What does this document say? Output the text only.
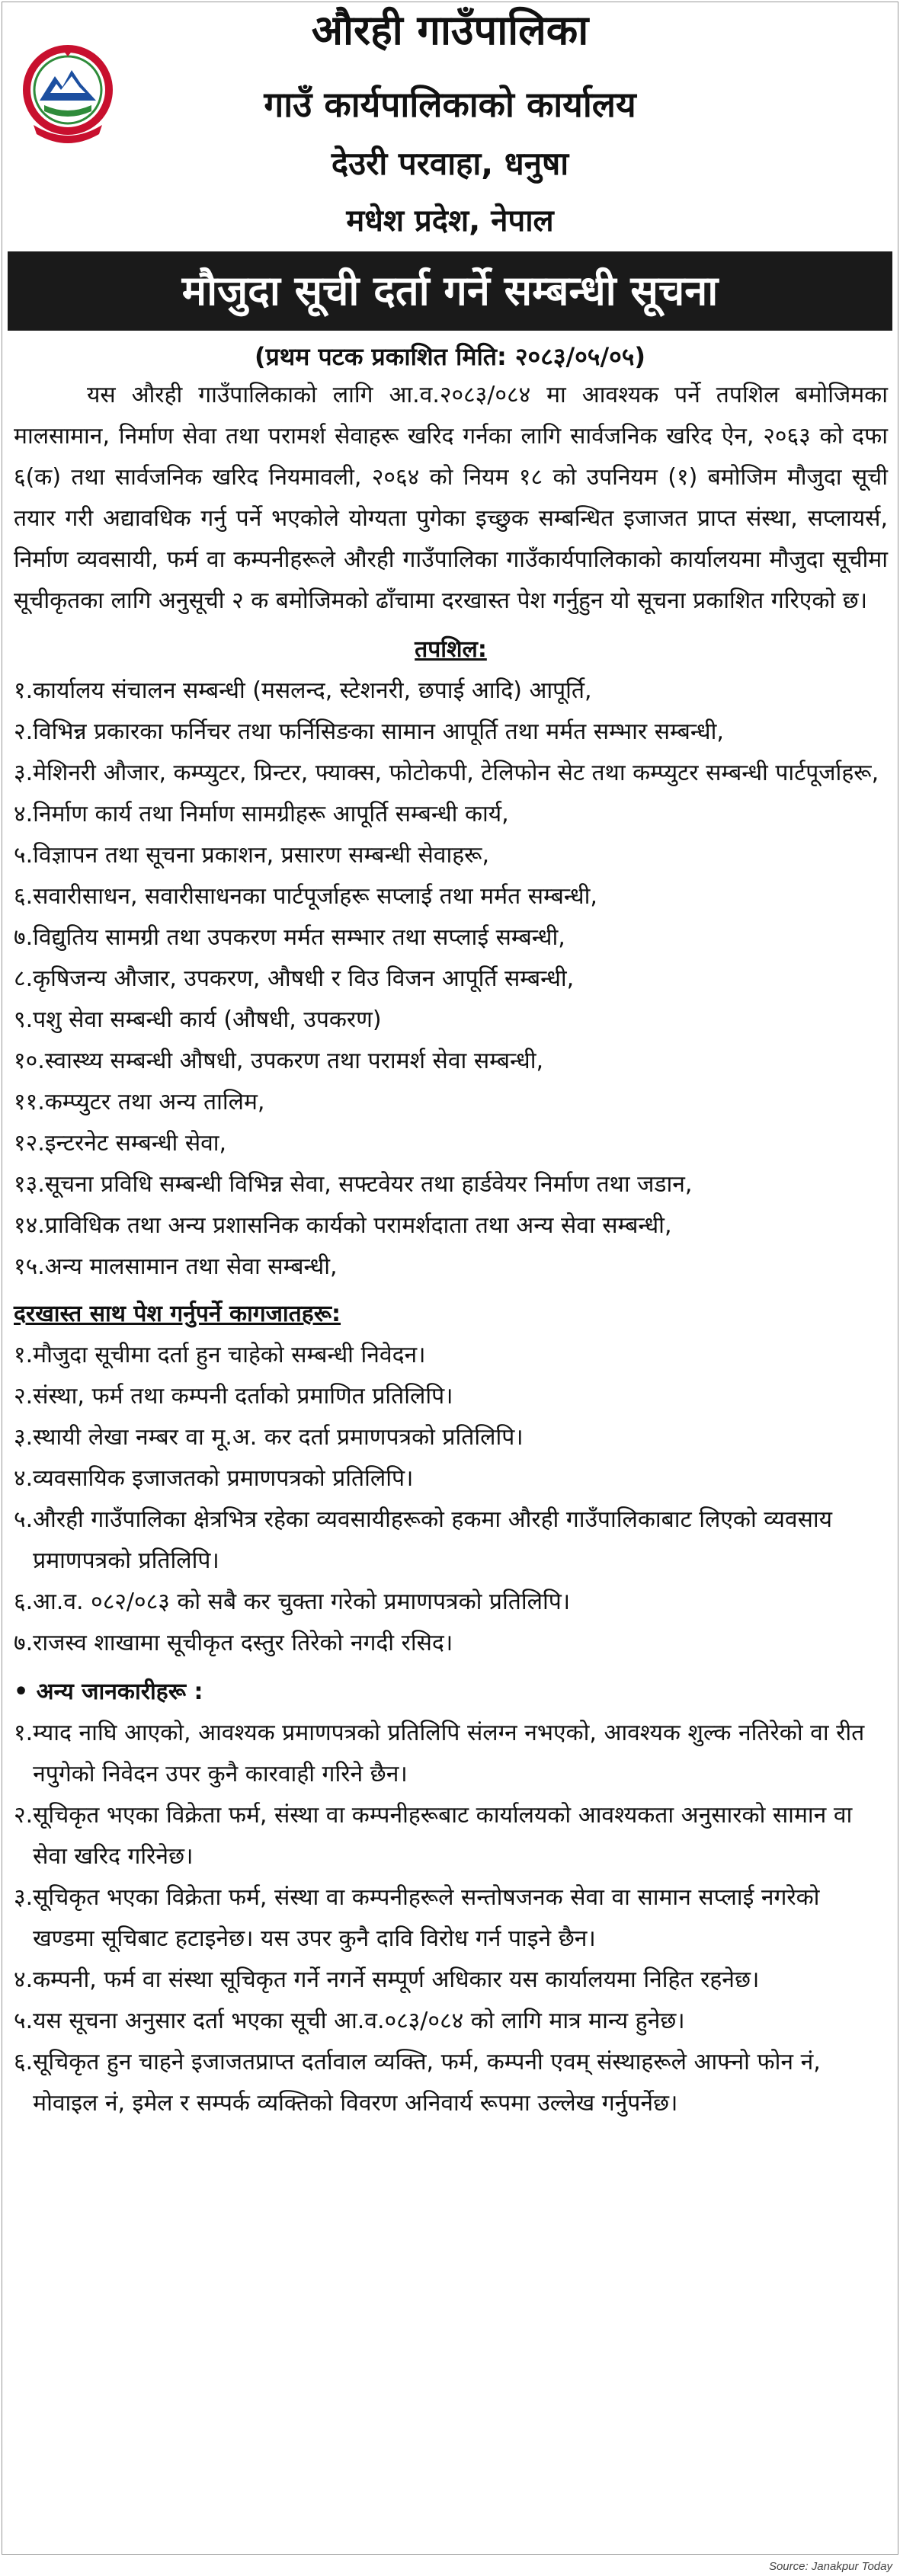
औरही गाउँपालिका
गाउँ कार्यपालिकाको कार्यालय
देउरी परवाहा, धनुषा
मधेश प्रदेश, नेपाल
मौजुदा सूची दर्ता गर्ने सम्बन्धी सूचना
(प्रथम पटक प्रकाशित मिति: २०८३/०५/०५)

यस औरही गाउँपालिकाको लागि आ.व.२०८३/०८४ मा आवश्यक पर्ने तपशिल बमोजिमका मालसामान, निर्माण सेवा तथा परामर्श सेवाहरू खरिद गर्नका लागि सार्वजनिक खरिद ऐन, २०६३ को दफा ६(क) तथा सार्वजनिक खरिद नियमावली, २०६४ को नियम १८ को उपनियम (१) बमोजिम मौजुदा सूची तयार गरी अद्यावधिक गर्नु पर्ने भएकोले योग्यता पुगेका इच्छुक सम्बन्धित इजाजत प्राप्त संस्था, सप्लायर्स, निर्माण व्यवसायी, फर्म वा कम्पनीहरूले औरही गाउँपालिका गाउँकार्यपालिकाको कार्यालयमा मौजुदा सूचीमा सूचीकृतका लागि अनुसूची २ क बमोजिमको ढाँचामा दरखास्त पेश गर्नुहुन यो सूचना प्रकाशित गरिएको छ।

तपशिल:

१. कार्यालय संचालन सम्बन्धी (मसलन्द, स्टेशनरी, छपाई आदि) आपूर्ति,
२. विभिन्न प्रकारका फर्निचर तथा फर्निसिङका सामान आपूर्ति तथा मर्मत सम्भार सम्बन्धी,
३. मेशिनरी औजार, कम्प्युटर, प्रिन्टर, फ्याक्स, फोटोकपी, टेलिफोन सेट तथा कम्प्युटर सम्बन्धी पार्टपूर्जाहरू,
४. निर्माण कार्य तथा निर्माण सामग्रीहरू आपूर्ति सम्बन्धी कार्य,
५. विज्ञापन तथा सूचना प्रकाशन, प्रसारण सम्बन्धी सेवाहरू,
६. सवारीसाधन, सवारीसाधनका पार्टपूर्जाहरू सप्लाई तथा मर्मत सम्बन्धी,
७. विद्युतिय सामग्री तथा उपकरण मर्मत सम्भार तथा सप्लाई सम्बन्धी,
८. कृषिजन्य औजार, उपकरण, औषधी र विउ विजन आपूर्ति सम्बन्धी,
९. पशु सेवा सम्बन्धी कार्य (औषधी, उपकरण)
१०. स्वास्थ्य सम्बन्धी औषधी, उपकरण तथा परामर्श सेवा सम्बन्धी,
११. कम्प्युटर तथा अन्य तालिम,
१२. इन्टरनेट सम्बन्धी सेवा,
१३. सूचना प्रविधि सम्बन्धी विभिन्न सेवा, सफ्टवेयर तथा हार्डवेयर निर्माण तथा जडान,
१४. प्राविधिक तथा अन्य प्रशासनिक कार्यको परामर्शदाता तथा अन्य सेवा सम्बन्धी,
१५. अन्य मालसामान तथा सेवा सम्बन्धी,

दरखास्त साथ पेश गर्नुपर्ने कागजातहरू:

१. मौजुदा सूचीमा दर्ता हुन चाहेको सम्बन्धी निवेदन।
२. संस्था, फर्म तथा कम्पनी दर्ताको प्रमाणित प्रतिलिपि।
३. स्थायी लेखा नम्बर वा मू.अ. कर दर्ता प्रमाणपत्रको प्रतिलिपि।
४. व्यवसायिक इजाजतको प्रमाणपत्रको प्रतिलिपि।
५. औरही गाउँपालिका क्षेत्रभित्र रहेका व्यवसायीहरूको हकमा औरही गाउँपालिकाबाट लिएको व्यवसाय प्रमाणपत्रको प्रतिलिपि।
६. आ.व. ०८२/०८३ को सबै कर चुक्ता गरेको प्रमाणपत्रको प्रतिलिपि।
७. राजस्व शाखामा सूचीकृत दस्तुर तिरेको नगदी रसिद।

• अन्य जानकारीहरू :

१. म्याद नाघि आएको, आवश्यक प्रमाणपत्रको प्रतिलिपि संलग्न नभएको, आवश्यक शुल्क नतिरेको वा रीत नपुगेको निवेदन उपर कुनै कारवाही गरिने छैन।
२. सूचिकृत भएका विक्रेता फर्म, संस्था वा कम्पनीहरूबाट कार्यालयको आवश्यकता अनुसारको सामान वा सेवा खरिद गरिनेछ।
३. सूचिकृत भएका विक्रेता फर्म, संस्था वा कम्पनीहरूले सन्तोषजनक सेवा वा सामान सप्लाई नगरेको खण्डमा सूचिबाट हटाइनेछ। यस उपर कुनै दावि विरोध गर्न पाइने छैन।
४. कम्पनी, फर्म वा संस्था सूचिकृत गर्ने नगर्ने सम्पूर्ण अधिकार यस कार्यालयमा निहित रहनेछ।
५. यस सूचना अनुसार दर्ता भएका सूची आ.व.०८३/०८४ को लागि मात्र मान्य हुनेछ।
६. सूचिकृत हुन चाहने इजाजतप्राप्त दर्तावाल व्यक्ति, फर्म, कम्पनी एवम् संस्थाहरूले आफ्नो फोन नं, मोवाइल नं, इमेल र सम्पर्क व्यक्तिको विवरण अनिवार्य रूपमा उल्लेख गर्नुपर्नेछ।
Source: Janakpur Today
